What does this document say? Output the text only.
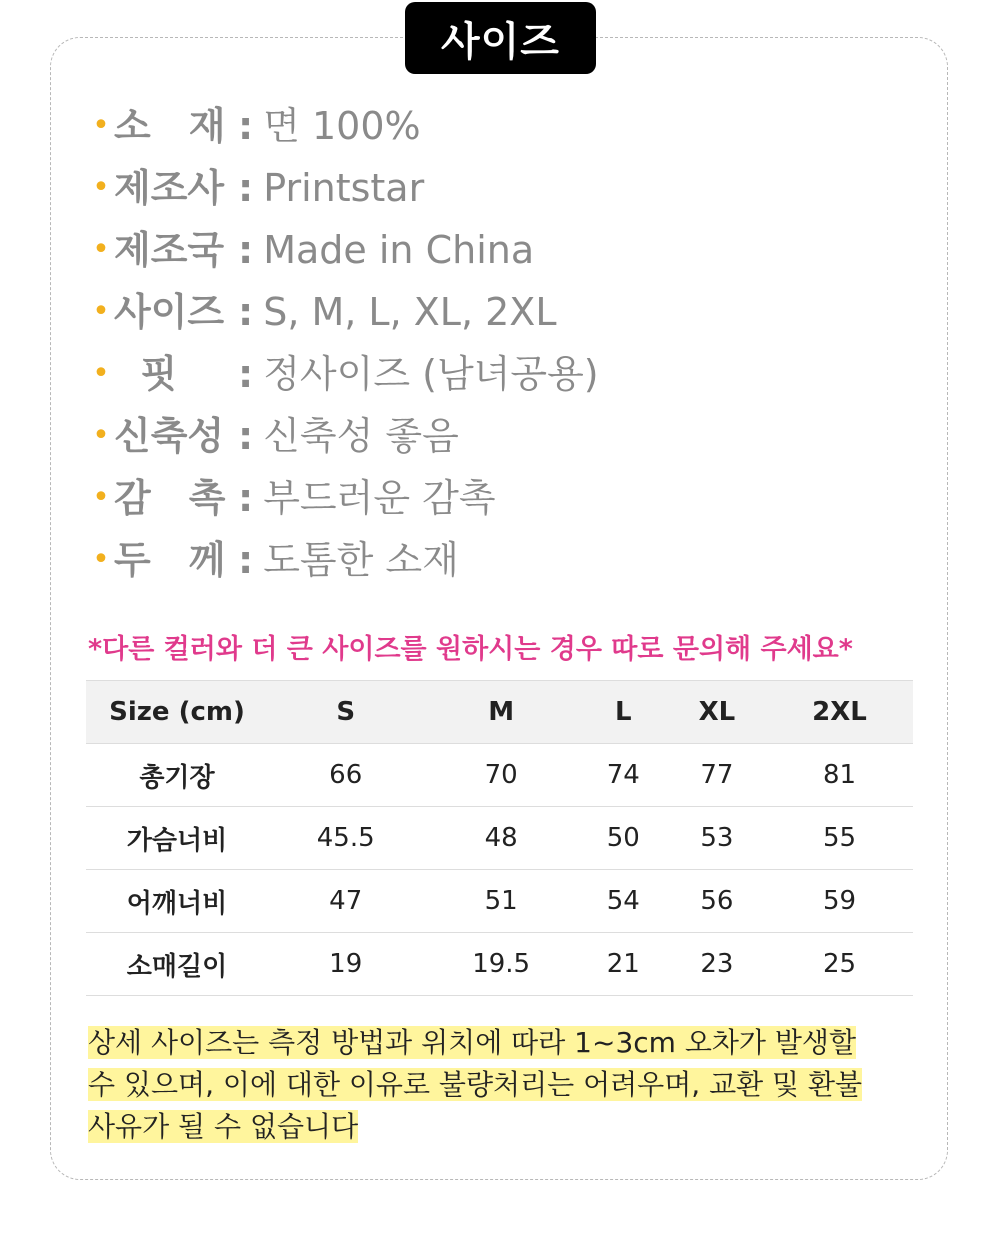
사이즈
• 소　재 : 면 100%
• 제조사 : Printstar
• 제조국 : Made in China
• 사이즈 : S, M, L, XL, 2XL
• 핏	: 정사이즈 (남녀공용)
• 신축성 : 신축성 좋음
• 감　촉 : 부드러운 감촉
• 두　께 : 도톰한 소재
*다른 컬러와 더 큰 사이즈를 원하시는 경우 따로 문의해 주세요*
Size (cm)	S	M	L	XL	2XL
총기장	66	70	74	77	81
가슴너비	45.5	48	50	53	55
어깨너비	47	51	54	56	59
소매길이	19	19.5	21	23	25
상세 사이즈는 측정 방법과 위치에 따라 1~3cm 오차가 발생할
수 있으며, 이에 대한 이유로 불량처리는 어려우며, 교환 및 환불
사유가 될 수 없습니다
